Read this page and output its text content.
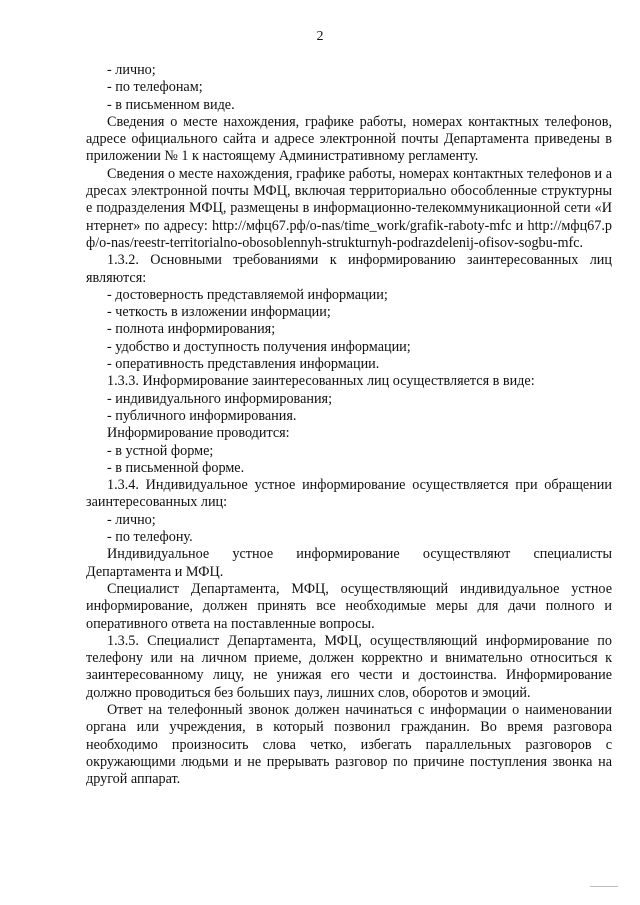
2

- лично;

- по телефонам;

- в письменном виде.

Сведения о месте нахождения, графике работы, номерах контактных телефонов, адресе официального сайта и адресе электронной почты Департамента приведены в приложении № 1 к настоящему Административному регламенту.

Сведения о месте нахождения, графике работы, номерах контактных телефонов и адресах электронной почты МФЦ, включая территориально обособленные структурные подразделения МФЦ, размещены в информационно-телекоммуникационной сети «Интернет» по адресу: http://мфц67.рф/o-nas/time_work/grafik-raboty-mfc и http://мфц67.рф/o-nas/reestr-territorialno-obosoblennyh-strukturnyh-podrazdelenij-ofisov-sogbu-mfc.

1.3.2. Основными требованиями к информированию заинтересованных лиц являются:

- достоверность представляемой информации;

- четкость в изложении информации;

- полнота информирования;

- удобство и доступность получения информации;

- оперативность представления информации.

1.3.3. Информирование заинтересованных лиц осуществляется в виде:

- индивидуального информирования;

- публичного информирования.

Информирование проводится:

- в устной форме;

- в письменной форме.

1.3.4. Индивидуальное устное информирование осуществляется при обращении заинтересованных лиц:

- лично;

- по телефону.

Индивидуальное устное информирование осуществляют специалисты Департамента и МФЦ.

Специалист Департамента, МФЦ, осуществляющий индивидуальное устное информирование, должен принять все необходимые меры для дачи полного и оперативного ответа на поставленные вопросы.

1.3.5. Специалист Департамента, МФЦ, осуществляющий информирование по телефону или на личном приеме, должен корректно и внимательно относиться к заинтересованному лицу, не унижая его чести и достоинства. Информирование должно проводиться без больших пауз, лишних слов, оборотов и эмоций.

Ответ на телефонный звонок должен начинаться с информации о наименовании органа или учреждения, в который позвонил гражданин. Во время разговора необходимо произносить слова четко, избегать параллельных разговоров с окружающими людьми и не прерывать разговор по причине поступления звонка на другой аппарат.
